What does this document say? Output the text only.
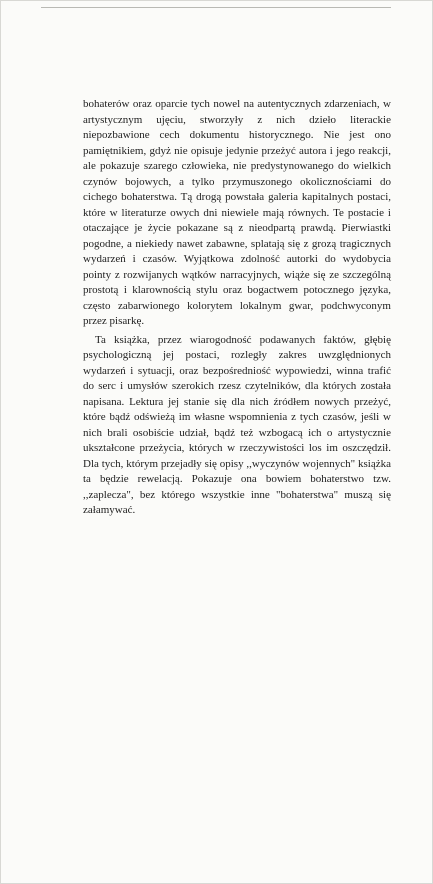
bohaterów oraz oparcie tych nowel na autentycznych zdarzeniach, w artystycznym ujęciu, stworzyły z nich dzieło literackie niepozbawione cech dokumentu historycznego. Nie jest ono pamiętnikiem, gdyż nie opisuje jedynie przeżyć autora i jego reakcji, ale pokazuje szarego człowieka, nie predystynowanego do wielkich czynów bojowych, a tylko przymuszonego okolicznościami do cichego bohaterstwa. Tą drogą powstała galeria kapitalnych postaci, które w literaturze owych dni niewiele mają równych. Te postacie i otaczające je życie pokazane są z nieodpartą prawdą. Pierwiastki pogodne, a niekiedy nawet zabawne, splatają się z grozą tragicznych wydarzeń i czasów. Wyjątkowa zdolność autorki do wydobycia pointy z rozwijanych wątków narracyjnych, wiąże się ze szczególną prostotą i klarownością stylu oraz bogactwem potocznego języka, często zabarwionego kolorytem lokalnym gwar, podchwyconym przez pisarkę.

Ta książka, przez wiarogodność podawanych faktów, głębię psychologiczną jej postaci, rozległy zakres uwzględnionych wydarzeń i sytuacji, oraz bezpośredniość wypowiedzi, winna trafić do serc i umysłów szerokich rzesz czytelników, dla których została napisana. Lektura jej stanie się dla nich źródłem nowych przeżyć, które bądź odświeżą im własne wspomnienia z tych czasów, jeśli w nich brali osobiście udział, bądź też wzbogacą ich o artystycznie ukształcone przeżycia, których w rzeczywistości los im oszczędził. Dla tych, którym przejadły się opisy ,,wyczynów wojennych" książka ta będzie rewelacją. Pokazuje ona bowiem bohaterstwo tzw. ,,zaplecza", bez którego wszystkie inne "bohaterstwa" muszą się załamywać.
